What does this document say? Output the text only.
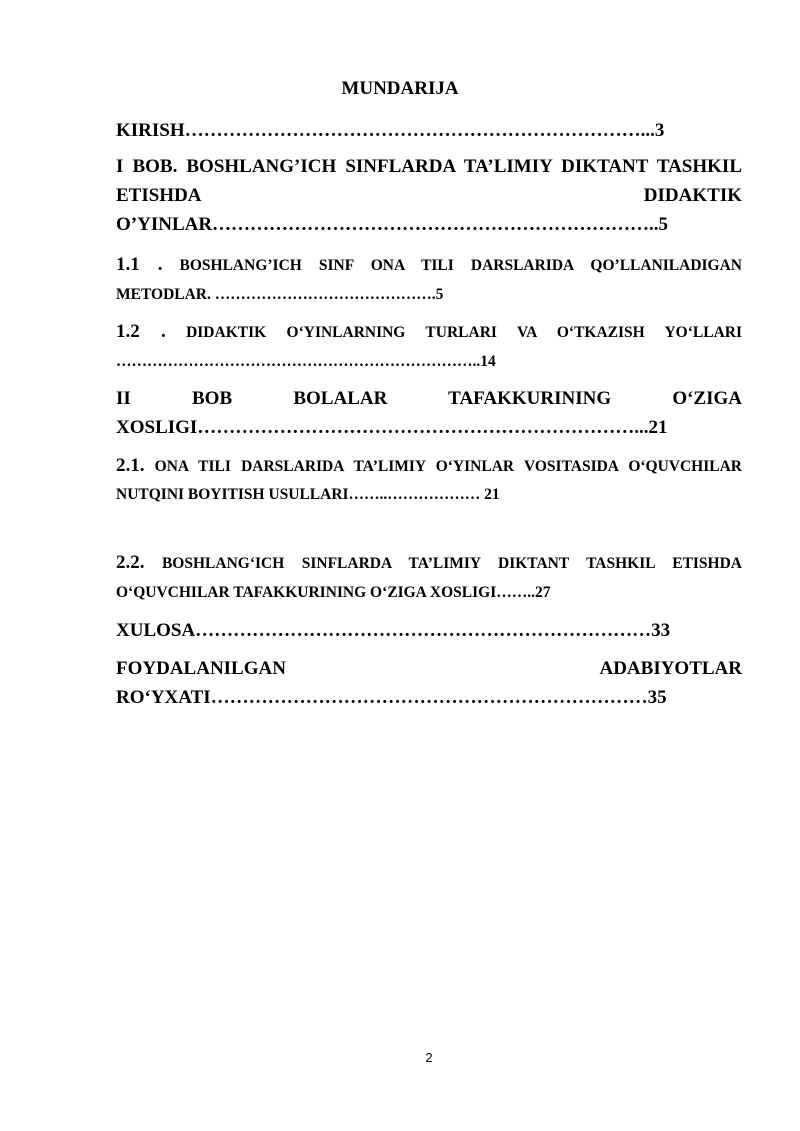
MUNDARIJA

KIRISH………………………………………………………………...3

I BOB. BOSHLANG’ICH SINFLARDA TA’LIMIY DIKTANT TASHKIL ETISHDA DIDAKTIK O’YINLAR……………………………………………………………..5

1.1 . BOSHLANG’ICH SINF ONA TILI DARSLARIDA QO’LLANILADIGAN METODLAR. …………………………………….5

1.2 . DIDAKTIK O‘YINLARNING TURLARI VA O‘TKAZISH YO‘LLARI ……………………………………………………………..14

II BOB BOLALAR TAFAKKURINING O‘ZIGA XOSLIGI……………………………………………………………...21

2.1. ONA TILI DARSLARIDA TA’LIMIY O‘YINLAR VOSITASIDA O‘QUVCHILAR NUTQINI BOYITISH USULLARI……..……………… 21

2.2. BOSHLANG‘ICH SINFLARDA TA’LIMIY DIKTANT TASHKIL ETISHDA O‘QUVCHILAR TAFAKKURINING O‘ZIGA XOSLIGI……..27

XULOSA………………………………………………………………33

FOYDALANILGAN ADABIYOTLAR RO‘YXATI……………………………………………………………35

2
